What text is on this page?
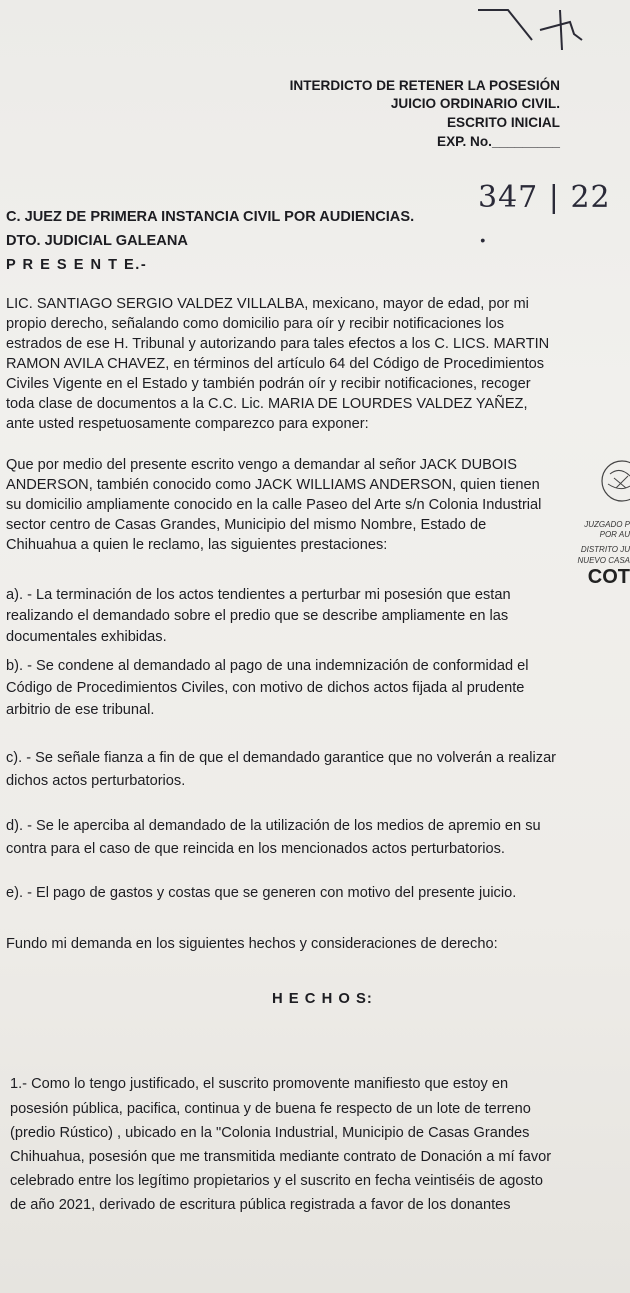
INTERDICTO DE RETENER LA POSESIÓN
JUICIO ORDINARIO CIVIL.
ESCRITO INICIAL
EXP. No._________
347 | 22 .
C. JUEZ DE PRIMERA INSTANCIA CIVIL POR AUDIENCIAS.
DTO. JUDICIAL GALEANA
P R E S E N T E.-
LIC. SANTIAGO SERGIO VALDEZ VILLALBA, mexicano, mayor de edad, por mi
propio derecho, señalando como domicilio para oír y recibir notificaciones los
estrados de ese H. Tribunal y autorizando para tales efectos a los C. LICS. MARTIN
RAMON AVILA CHAVEZ, en términos del artículo 64 del Código de Procedimientos
Civiles Vigente en el Estado y también podrán oír y recibir notificaciones, recoger
toda clase de documentos a la C.C. Lic. MARIA DE LOURDES VALDEZ YAÑEZ,
ante usted respetuosamente comparezco para exponer:
Que por medio del presente escrito vengo a demandar al señor JACK DUBOIS
ANDERSON, también conocido como JACK WILLIAMS ANDERSON, quien tienen
su domicilio ampliamente conocido en la calle Paseo del Arte s/n Colonia Industrial
sector centro de Casas Grandes, Municipio del mismo Nombre, Estado de
Chihuahua a quien le reclamo, las siguientes prestaciones:
JUZGADO P
POR AU
DISTRITO JU
NUEVO CASA
COT
a). - La terminación de los actos tendientes a perturbar mi posesión que estan
realizando el demandado sobre el predio que se describe ampliamente en las
documentales exhibidas.
b). - Se condene al demandado al pago de una indemnización de conformidad el
Código de Procedimientos Civiles, con motivo de dichos actos fijada al prudente
arbitrio de ese tribunal.
c). - Se señale fianza a fin de que el demandado garantice que no volverán a realizar
dichos actos perturbatorios.
d). - Se le aperciba al demandado de la utilización de los medios de apremio en su
contra para el caso de que reincida en los mencionados actos perturbatorios.
e). - El pago de gastos y costas que se generen con motivo del presente juicio.
Fundo mi demanda en los siguientes hechos y consideraciones de derecho:
H E C H O S:
1.- Como lo tengo justificado, el suscrito promovente manifiesto que estoy en
posesión pública, pacifica, continua y de buena fe respecto de un lote de terreno
(predio Rústico) , ubicado en la "Colonia Industrial, Municipio de Casas Grandes
Chihuahua, posesión que me transmitida mediante contrato de Donación a mí favor
celebrado entre los legítimo propietarios y el suscrito en fecha veintiséis de agosto
de año 2021, derivado de escritura pública registrada a favor de los donantes
